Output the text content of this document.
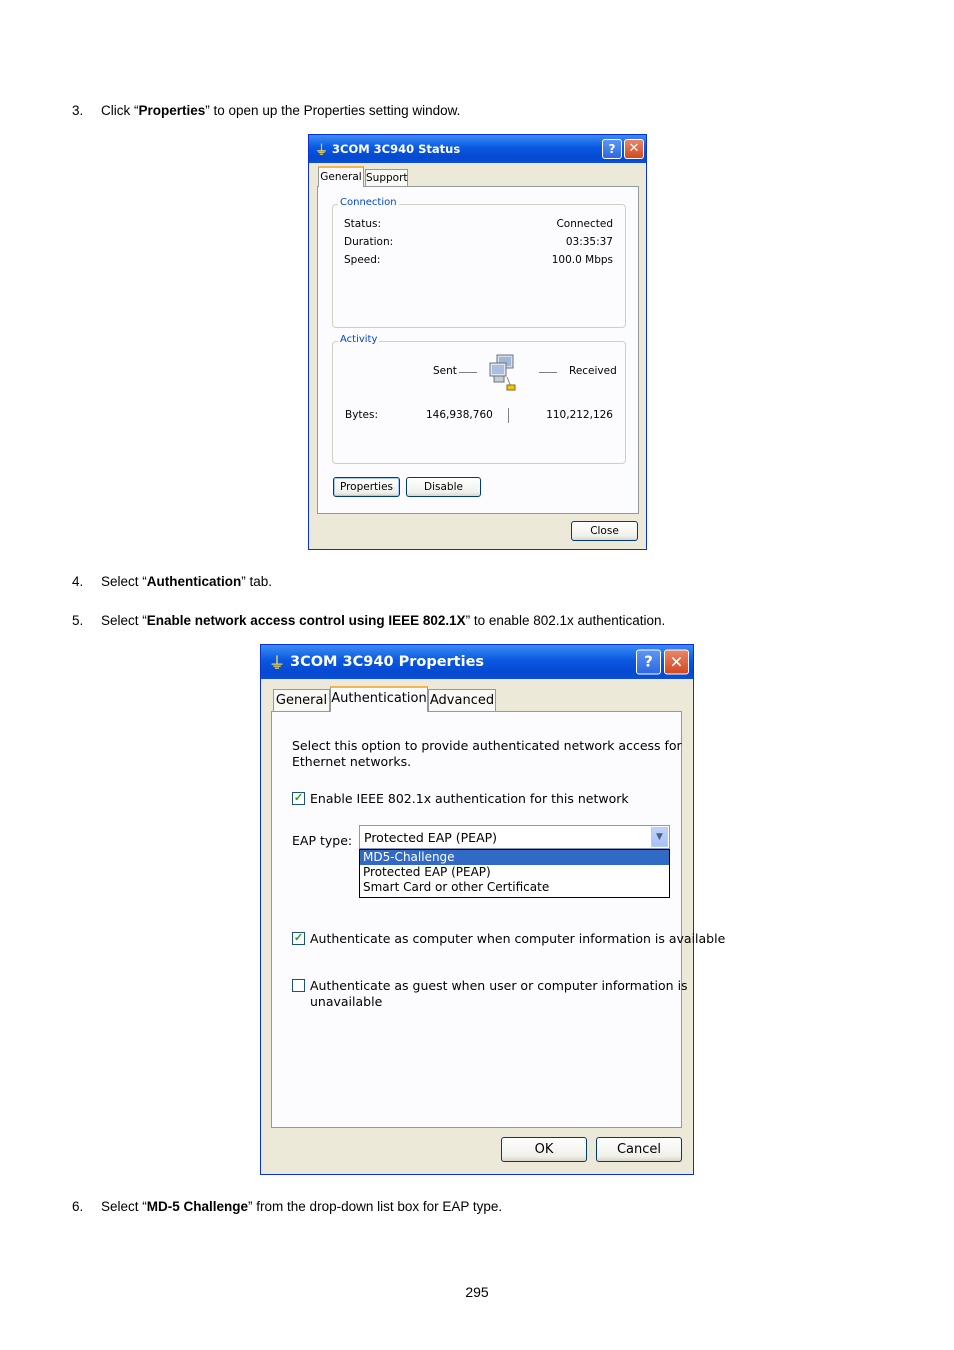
3. Click “Properties” to open up the Properties setting window.
⏚ 3COM 3C940 Status	?	✕
General Support
Connection
Status:	Connected
Duration:	03:35:37
Speed:	100.0 Mbps
Activity
Sent	Received
Bytes:	146,938,760	110,212,126
Properties	Disable
Close
4. Select “Authentication” tab.
5. Select “Enable network access control using IEEE 802.1X” to enable 802.1x authentication.
⏚ 3COM 3C940 Properties	?	✕
General Authentication Advanced
Select this option to provide authenticated network access for
Ethernet networks.
✓ Enable IEEE 802.1x authentication for this network
EAP type: Protected EAP (PEAP)	▼
MD5-Challenge
Protected EAP (PEAP)
Smart Card or other Certificate
✓ Authenticate as computer when computer information is available
Authenticate as guest when user or computer information is
unavailable
OK	Cancel
6. Select “MD-5 Challenge” from the drop-down list box for EAP type.
295
